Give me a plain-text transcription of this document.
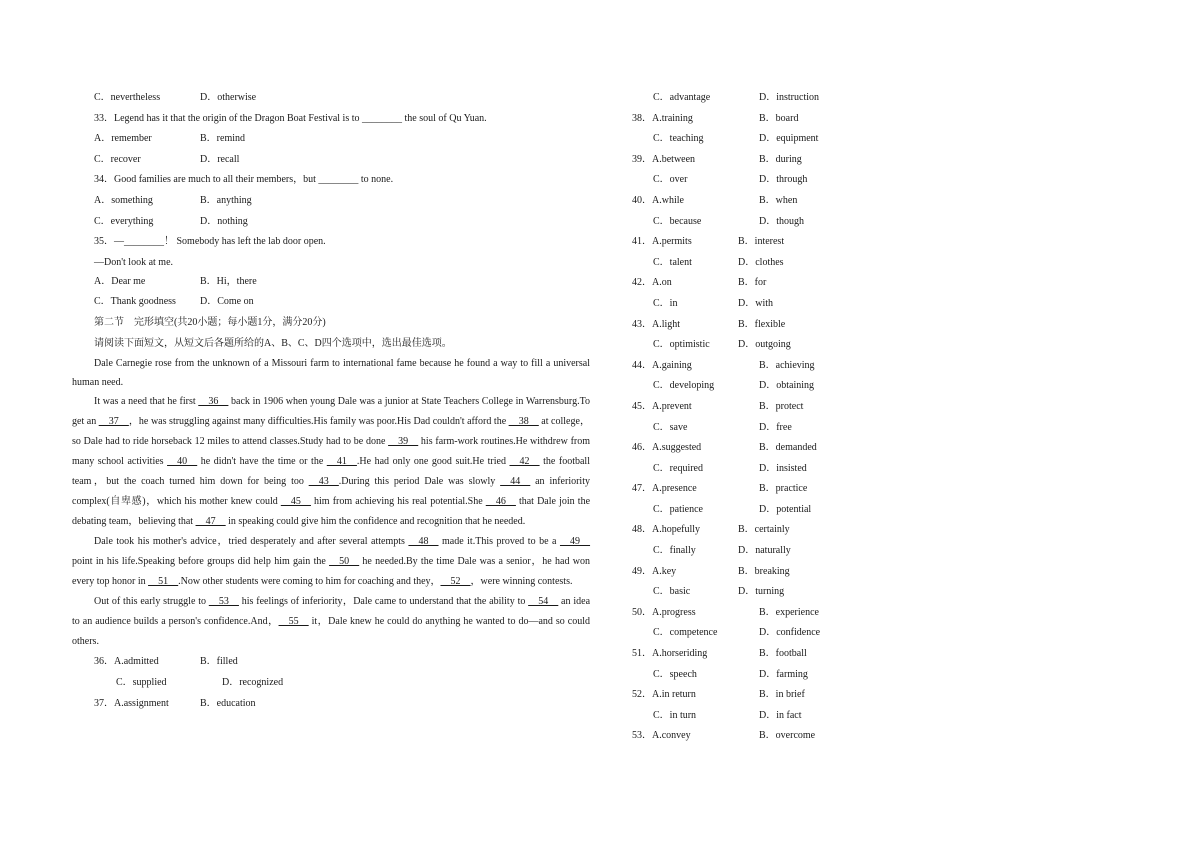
C．nevertheless	D．otherwise
33．Legend has it that the origin of the Dragon Boat Festival is to ________ the soul of Qu Yuan.
A．remember	B．remind
C．recover	D．recall
34．Good families are much to all their members，but ________ to none.
A．something	B．anything
C．everything	D．nothing
35．—________！ Somebody has left the lab door open.
—Don't look at me.
A．Dear me	B．Hi，there
C．Thank goodness D．Come on
第二节　完形填空(共20小题；每小题1分，满分20分)
请阅读下面短文，从短文后各题所给的A、B、C、D四个选项中，选出最佳选项。

Dale Carnegie rose from the unknown of a Missouri farm to international fame because he found a way to fill a universal human need.

It was a need that he first __36__ back in 1906 when young Dale was a junior at State Teachers College in Warrensburg.To get an __37__，he was struggling against many difficulties.His family was poor.His Dad couldn't afford the __38__ at college，so Dale had to ride horseback 12 miles to attend classes.Study had to be done __39__ his farm-work routines.He withdrew from many school activities __40__ he didn't have the time or the __41__.He had only one good suit.He tried __42__ the football team，but the coach turned him down for being too __43__.During this period Dale was slowly __44__ an inferiority complex(自卑感)，which his mother knew could __45__ him from achieving his real potential.She __46__ that Dale join the debating team，believing that __47__ in speaking could give him the confidence and recognition that he needed.

Dale took his mother's advice，tried desperately and after several attempts __48__ made it.This proved to be a __49__ point in his life.Speaking before groups did help him gain the __50__ he needed.By the time Dale was a senior，he had won every top honor in __51__.Now other students were coming to him for coaching and they，__52__，were winning contests.

Out of this early struggle to __53__ his feelings of inferiority，Dale came to understand that the ability to __54__ an idea to an audience builds a person's confidence.And，__55__ it，Dale knew he could do anything he wanted to do—and so could others.

36．A.admitted	B．filled
C．supplied	D．recognized
37．A.assignment	B．education
C．advantage	D．instruction
38．A.training	B．board
C．teaching	D．equipment
39．A.between	B．during
C．over	D．through
40．A.while	B．when
C．because	D．though
41．A.permits	B．interest
C．talent	D．clothes
42．A.on	B．for
C．in	D．with
43．A.light	B．flexible
C．optimistic	D．outgoing
44．A.gaining	B．achieving
C．developing	D．obtaining
45．A.prevent	B．protect
C．save	D．free
46．A.suggested	B．demanded
C．required	D．insisted
47．A.presence	B．practice
C．patience	D．potential
48．A.hopefully	B．certainly
C．finally	D．naturally
49．A.key	B．breaking
C．basic	D．turning
50．A.progress	B．experience
C．competence	D．confidence
51．A.horseriding	B．football
C．speech	D．farming
52．A.in return	B．in brief
C．in turn	D．in fact
53．A.convey	B．overcome
